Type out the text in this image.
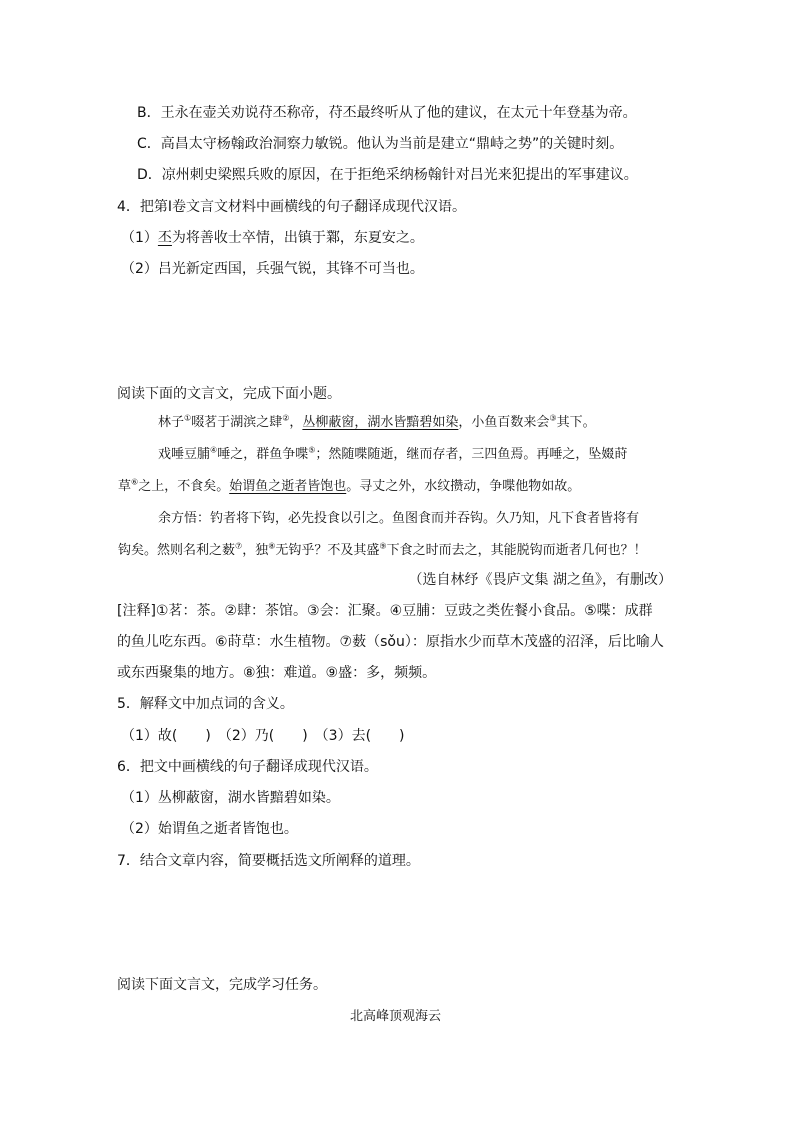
B．王永在壶关劝说苻丕称帝，苻丕最终听从了他的建议，在太元十年登基为帝。
C．高昌太守杨翰政治洞察力敏锐。他认为当前是建立“鼎峙之势”的关键时刻。
D．凉州刺史梁熙兵败的原因，在于拒绝采纳杨翰针对吕光来犯提出的军事建议。
4．把第Ⅰ卷文言文材料中画横线的句子翻译成现代汉语。
（1）丕为将善收士卒情，出镇于鄴，东夏安之。
（2）吕光新定西国，兵强气锐，其锋不可当也。
阅读下面的文言文，完成下面小题。
林子①啜茗于湖滨之肆②，丛柳蔽窗，湖水皆黯碧如染，小鱼百数来会③其下。
戏唾豆脯④唾之，群鱼争喋⑤；然随喋随逝，继而存者，三四鱼焉。再唾之，坠娺莳
草⑥之上，不食矣。始谓鱼之逝者皆饱也。寻丈之外，水纹攒动，争喋他物如故。
余方悟：钓者将下钩，必先投食以引之。鱼图食而并吞钩。久乃知，凡下食者皆将有
钩矣。然则名利之薮⑦，独⑧无钩乎？不及其盛⑨下食之时而去之，其能脱钩而逝者几何也？！
（选自林纾《畏庐文集 湖之鱼》，有删改）
[注释]①茗：茶。②肆：茶馆。③会：汇聚。④豆脯：豆豉之类佐餐小食品。⑤喋：成群
的鱼儿吃东西。⑥莳草：水生植物。⑦薮（sǒu）：原指水少而草木茂盛的沼泽，后比喻人
或东西聚集的地方。⑧独：难道。⑨盛：多，频频。
5．解释文中加点词的含义。
（1）故(　　)　（2）乃(　　)　（3）去(　　)
6．把文中画横线的句子翻译成现代汉语。
（1）丛柳蔽窗，湖水皆黯碧如染。
（2）始谓鱼之逝者皆饱也。
7．结合文章内容，简要概括选文所阐释的道理。
阅读下面文言文，完成学习任务。
北高峰顶观海云
